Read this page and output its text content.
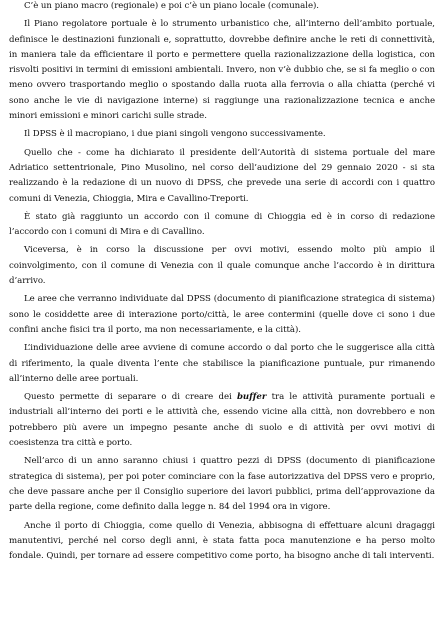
C’è un piano macro (regionale) e poi c’è un piano locale (comunale).

Il Piano regolatore portuale è lo strumento urbanistico che, all’interno dell’ambito portuale, definisce le destinazioni funzionali e, soprattutto, dovrebbe definire anche le reti di connettività, in maniera tale da efficientare il porto e permettere quella razionalizzazione della logistica, con risvolti positivi in termini di emissioni ambientali. Invero, non v’è dubbio che, se si fa meglio o con meno ovvero trasportando meglio o spostando dalla ruota alla ferrovia o alla chiatta (perché vi sono anche le vie di navigazione interne) si raggiunge una razionalizzazione tecnica e anche minori emissioni e minori carichi sulle strade.

Il DPSS è il macropiano, i due piani singoli vengono successivamente.

Quello che - come ha dichiarato il presidente dell’Autorità di sistema portuale del mare Adriatico settentrionale, Pino Musolino, nel corso dell’audizione del 29 gennaio 2020 - si sta realizzando è la redazione di un nuovo di DPSS, che prevede una serie di accordi con i quattro comuni di Venezia, Chioggia, Mira e Cavallino-Treporti.

È stato già raggiunto un accordo con il comune di Chioggia ed è in corso di redazione l’accordo con i comuni di Mira e di Cavallino.

Viceversa, è in corso la discussione per ovvi motivi, essendo molto più ampio il coinvolgimento, con il comune di Venezia con il quale comunque anche l’accordo è in dirittura d’arrivo.

Le aree che verranno individuate dal DPSS (documento di pianificazione strategica di sistema) sono le cosiddette aree di interazione porto/città, le aree contermini (quelle dove ci sono i due confini anche fisici tra il porto, ma non necessariamente, e la città).

L’individuazione delle aree avviene di comune accordo o dal porto che le suggerisce alla città di riferimento, la quale diventa l’ente che stabilisce la pianificazione puntuale, pur rimanendo all’interno delle aree portuali.

Questo permette di separare o di creare dei buffer tra le attività puramente portuali e industriali all’interno dei porti e le attività che, essendo vicine alla città, non dovrebbero e non potrebbero più avere un impegno pesante anche di suolo e di attività per ovvi motivi di coesistenza tra città e porto.

Nell’arco di un anno saranno chiusi i quattro pezzi di DPSS (documento di pianificazione strategica di sistema), per poi poter cominciare con la fase autorizzativa del DPSS vero e proprio, che deve passare anche per il Consiglio superiore dei lavori pubblici, prima dell’approvazione da parte della regione, come definito dalla legge n. 84 del 1994 ora in vigore.

Anche il porto di Chioggia, come quello di Venezia, abbisogna di effettuare alcuni dragaggi manutentivi, perché nel corso degli anni, è stata fatta poca manutenzione e ha perso molto fondale. Quindi, per tornare ad essere competitivo come porto, ha bisogno anche di tali interventi.
